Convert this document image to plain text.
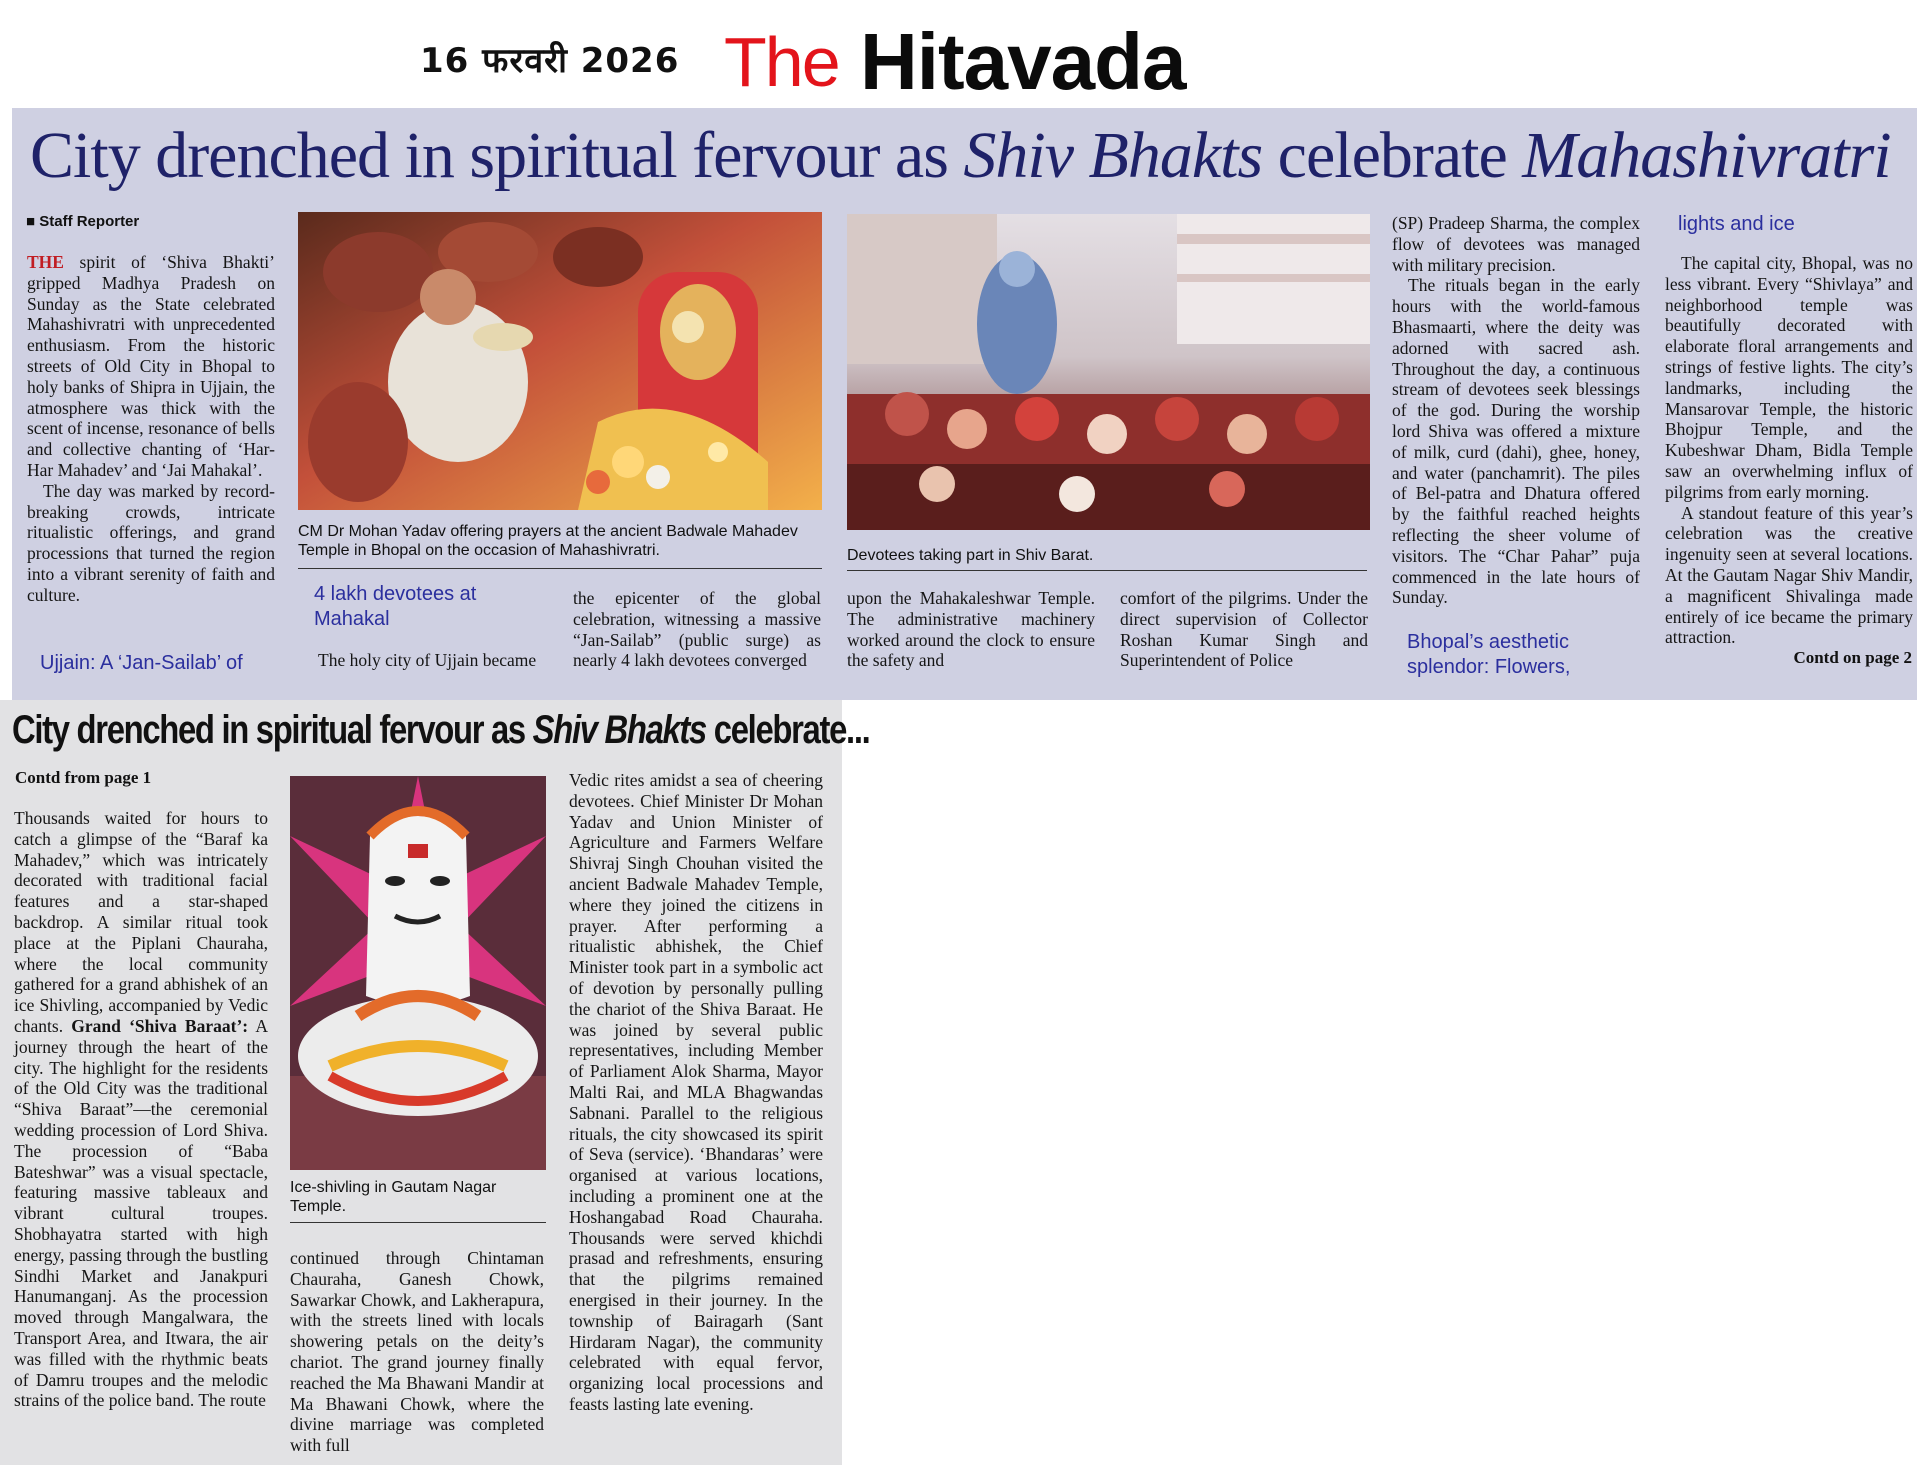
16 फरवरी 2026 The Hitavada
City drenched in spiritual fervour as Shiv Bhakts celebrate Mahashivratri
■ Staff Reporter

THE spirit of ‘Shiva Bhakti’ gripped Madhya Pradesh on Sunday as the State celebrated Mahashivratri with unprecedented enthusiasm. From the historic streets of Old City in Bhopal to holy banks of Shipra in Ujjain, the atmosphere was thick with the scent of incense, resonance of bells and collective chanting of ‘Har-Har Mahadev’ and ‘Jai Mahakal’.

The day was marked by record-breaking crowds, intricate ritualistic offerings, and grand processions that turned the region into a vibrant serenity of faith and culture.

Ujjain: A ‘Jan-Sailab’ of
CM Dr Mohan Yadav offering prayers at the ancient Badwale Mahadev Temple in Bhopal on the occasion of Mahashivratri.	Devotees taking part in Shiv Barat.
4 lakh devotees at Mahakal

The holy city of Ujjain became

the epicenter of the global celebration, witnessing a massive “Jan-Sailab” (public surge) as nearly 4 lakh devotees converged

upon the Mahakaleshwar Temple. The administrative machinery worked around the clock to ensure the safety and

comfort of the pilgrims. Under the direct supervision of Collector Roshan Kumar Singh and Superintendent of Police

(SP) Pradeep Sharma, the complex flow of devotees was managed with military precision.

The rituals began in the early hours with the world-famous Bhasmaarti, where the deity was adorned with sacred ash. Throughout the day, a continuous stream of devotees seek blessings of the god. During the worship lord Shiva was offered a mixture of milk, curd (dahi), ghee, honey, and water (panchamrit). The piles of Bel-patra and Dhatura offered by the faithful reached heights reflecting the sheer volume of visitors. The “Char Pahar” puja commenced in the late hours of Sunday.

Bhopal’s aesthetic splendor: Flowers,
lights and ice

The capital city, Bhopal, was no less vibrant. Every “Shivlaya” and neighborhood temple was beautifully decorated with elaborate floral arrangements and strings of festive lights. The city’s landmarks, including the Mansarovar Temple, the historic Bhojpur Temple, and the Kubeshwar Dham, Bidla Temple saw an overwhelming influx of pilgrims from early morning.

A standout feature of this year’s celebration was the creative ingenuity seen at several locations. At the Gautam Nagar Shiv Mandir, a magnificent Shivalinga made entirely of ice became the primary attraction.

Contd on page 2
City drenched in spiritual fervour as Shiv Bhakts celebrate...
Contd from page 1

Thousands waited for hours to catch a glimpse of the “Baraf ka Mahadev,” which was intricately decorated with traditional facial features and a star-shaped backdrop. A similar ritual took place at the Piplani Chauraha, where the local community gathered for a grand abhishek of an ice Shivling, accompanied by Vedic chants. Grand ‘Shiva Baraat’: A journey through the heart of the city. The highlight for the residents of the Old City was the traditional “Shiva Baraat”—the ceremonial wedding procession of Lord Shiva. The procession of “Baba Bateshwar” was a visual spectacle, featuring massive tableaux and vibrant cultural troupes. Shobhayatra started with high energy, passing through the bustling Sindhi Market and Janakpuri Hanumanganj. As the procession moved through Mangalwara, the Transport Area, and Itwara, the air was filled with the rhythmic beats of Damru troupes and the melodic strains of the police band. The route

Ice-shivling in Gautam Nagar Temple.

continued through Chintaman Chauraha, Ganesh Chowk, Sawarkar Chowk, and Lakherapura, with the streets lined with locals showering petals on the deity’s chariot. The grand journey finally reached the Ma Bhawani Mandir at Ma Bhawani Chowk, where the divine marriage was completed with full

Vedic rites amidst a sea of cheering devotees. Chief Minister Dr Mohan Yadav and Union Minister of Agriculture and Farmers Welfare Shivraj Singh Chouhan visited the ancient Badwale Mahadev Temple, where they joined the citizens in prayer. After performing a ritualistic abhishek, the Chief Minister took part in a symbolic act of devotion by personally pulling the chariot of the Shiva Baraat. He was joined by several public representatives, including Member of Parliament Alok Sharma, Mayor Malti Rai, and MLA Bhagwandas Sabnani. Parallel to the religious rituals, the city showcased its spirit of Seva (service). ‘Bhandaras’ were organised at various locations, including a prominent one at the Hoshangabad Road Chauraha. Thousands were served khichdi prasad and refreshments, ensuring that the pilgrims remained energised in their journey. In the township of Bairagarh (Sant Hirdaram Nagar), the community celebrated with equal fervor, organizing local processions and feasts lasting late evening.
